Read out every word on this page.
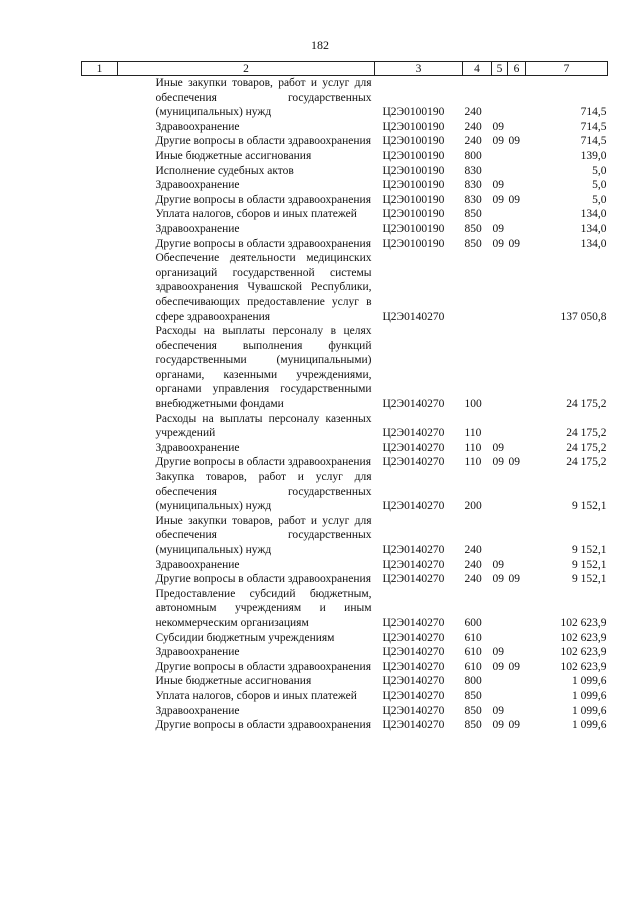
182
1	2	3	4	5	6	7
	Иные закупки товаров, работ и услуг для обеспечения государственных (муниципальных) нужд	Ц2Э0100190	240			714,5
	Здравоохранение	Ц2Э0100190	240	09		714,5
	Другие вопросы в области здравоохранения	Ц2Э0100190	240	09	09	714,5
	Иные бюджетные ассигнования	Ц2Э0100190	800			139,0
	Исполнение судебных актов	Ц2Э0100190	830			5,0
	Здравоохранение	Ц2Э0100190	830	09		5,0
	Другие вопросы в области здравоохранения	Ц2Э0100190	830	09	09	5,0
	Уплата налогов, сборов и иных платежей	Ц2Э0100190	850			134,0
	Здравоохранение	Ц2Э0100190	850	09		134,0
	Другие вопросы в области здравоохранения	Ц2Э0100190	850	09	09	134,0
	Обеспечение деятельности медицинских организаций государственной системы здравоохранения Чувашской Республики, обеспечивающих предоставление услуг в сфере здравоохранения	Ц2Э0140270				137 050,8
	Расходы на выплаты персоналу в целях обеспечения выполнения функций государственными (муниципальными) органами, казенными учреждениями, органами управления государственными внебюджетными фондами	Ц2Э0140270	100			24 175,2
	Расходы на выплаты персоналу казенных учреждений	Ц2Э0140270	110			24 175,2
	Здравоохранение	Ц2Э0140270	110	09		24 175,2
	Другие вопросы в области здравоохранения	Ц2Э0140270	110	09	09	24 175,2
	Закупка товаров, работ и услуг для обеспечения государственных (муниципальных) нужд	Ц2Э0140270	200			9 152,1
	Иные закупки товаров, работ и услуг для обеспечения государственных (муниципальных) нужд	Ц2Э0140270	240			9 152,1
	Здравоохранение	Ц2Э0140270	240	09		9 152,1
	Другие вопросы в области здравоохранения	Ц2Э0140270	240	09	09	9 152,1
	Предоставление субсидий бюджетным, автономным учреждениям и иным некоммерческим организациям	Ц2Э0140270	600			102 623,9
	Субсидии бюджетным учреждениям	Ц2Э0140270	610			102 623,9
	Здравоохранение	Ц2Э0140270	610	09		102 623,9
	Другие вопросы в области здравоохранения	Ц2Э0140270	610	09	09	102 623,9
	Иные бюджетные ассигнования	Ц2Э0140270	800			1 099,6
	Уплата налогов, сборов и иных платежей	Ц2Э0140270	850			1 099,6
	Здравоохранение	Ц2Э0140270	850	09		1 099,6
	Другие вопросы в области здравоохранения	Ц2Э0140270	850	09	09	1 099,6
